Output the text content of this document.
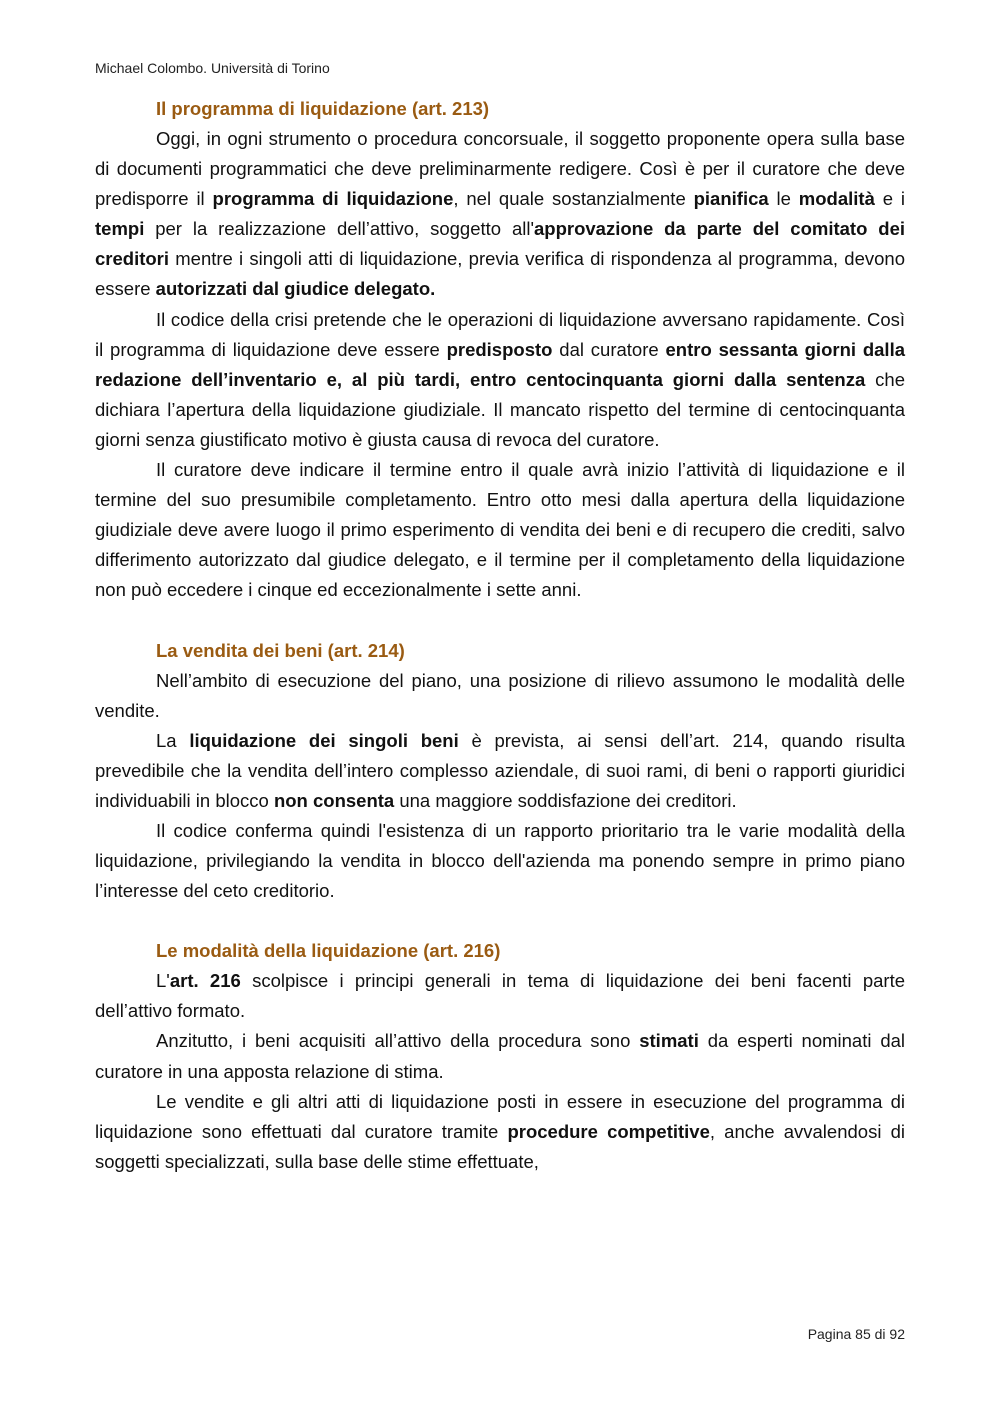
Michael Colombo. Università di Torino
Il programma di liquidazione (art. 213)

Oggi, in ogni strumento o procedura concorsuale, il soggetto proponente opera sulla base di documenti programmatici che deve preliminarmente redigere. Così è per il curatore che deve predisporre il programma di liquidazione, nel quale sostanzialmente pianifica le modalità e i tempi per la realizzazione dell’attivo, soggetto all'approvazione da parte del comitato dei creditori mentre i singoli atti di liquidazione, previa verifica di rispondenza al programma, devono essere autorizzati dal giudice delegato.

Il codice della crisi pretende che le operazioni di liquidazione avversano rapidamente. Così il programma di liquidazione deve essere predisposto dal curatore entro sessanta giorni dalla redazione dell’inventario e, al più tardi, entro centocinquanta giorni dalla sentenza che dichiara l’apertura della liquidazione giudiziale. Il mancato rispetto del termine di centocinquanta giorni senza giustificato motivo è giusta causa di revoca del curatore.

Il curatore deve indicare il termine entro il quale avrà inizio l’attività di liquidazione e il termine del suo presumibile completamento. Entro otto mesi dalla apertura della liquidazione giudiziale deve avere luogo il primo esperimento di vendita dei beni e di recupero die crediti, salvo differimento autorizzato dal giudice delegato, e il termine per il completamento della liquidazione non può eccedere i cinque ed eccezionalmente i sette anni.

La vendita dei beni (art. 214)

Nell’ambito di esecuzione del piano, una posizione di rilievo assumono le modalità delle vendite.

La liquidazione dei singoli beni è prevista, ai sensi dell’art. 214, quando risulta prevedibile che la vendita dell’intero complesso aziendale, di suoi rami, di beni o rapporti giuridici individuabili in blocco non consenta una maggiore soddisfazione dei creditori.

Il codice conferma quindi l'esistenza di un rapporto prioritario tra le varie modalità della liquidazione, privilegiando la vendita in blocco dell'azienda ma ponendo sempre in primo piano l’interesse del ceto creditorio.

Le modalità della liquidazione (art. 216)

L'art. 216 scolpisce i principi generali in tema di liquidazione dei beni facenti parte dell’attivo formato.

Anzitutto, i beni acquisiti all’attivo della procedura sono stimati da esperti nominati dal curatore in una apposta relazione di stima.

Le vendite e gli altri atti di liquidazione posti in essere in esecuzione del programma di liquidazione sono effettuati dal curatore tramite procedure competitive, anche avvalendosi di soggetti specializzati, sulla base delle stime effettuate,

Pagina 85 di 92
